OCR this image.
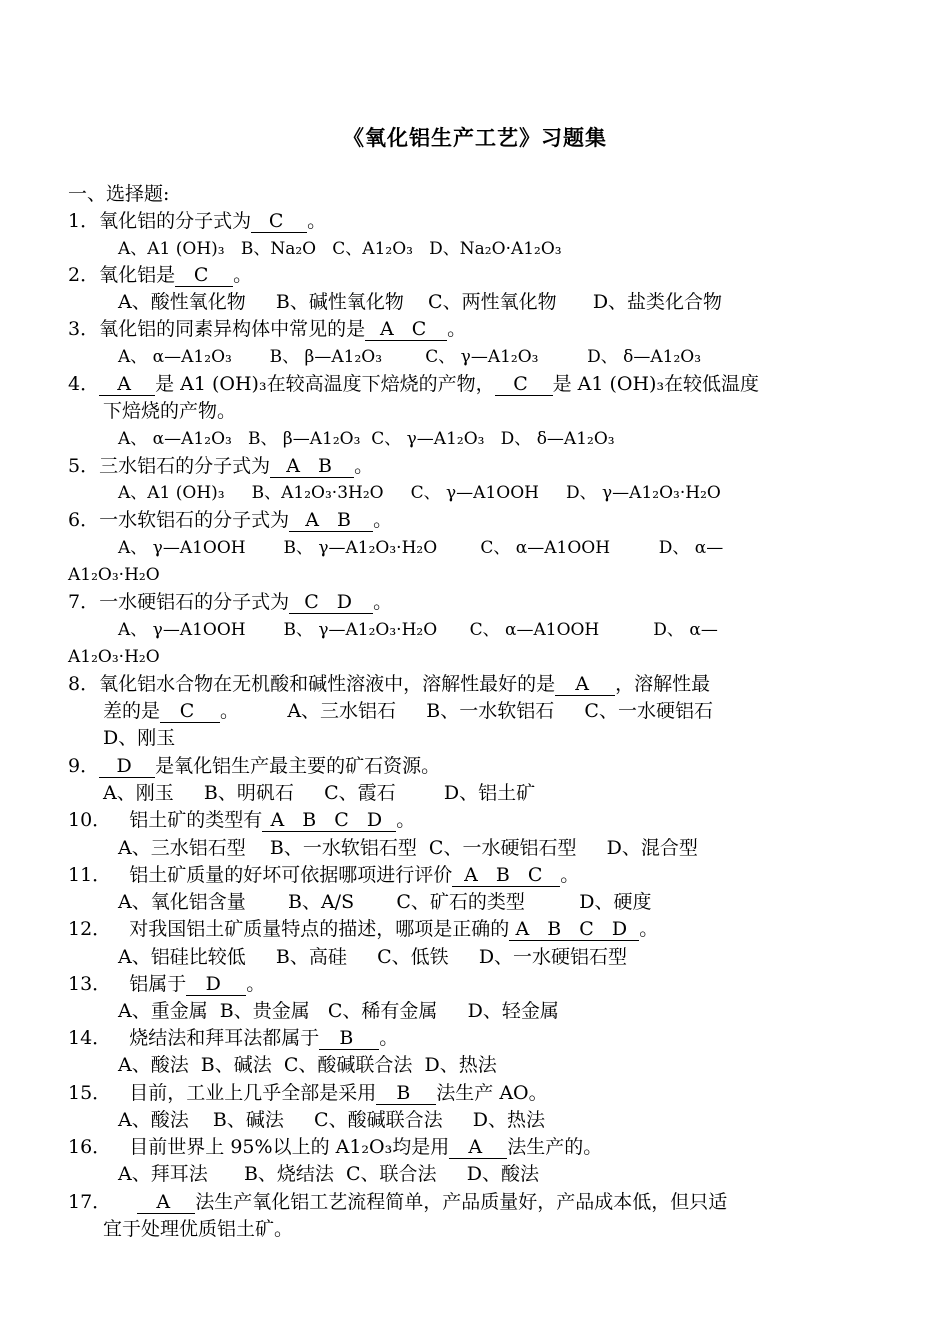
《氧化铝生产工艺》习题集
一、选择题:
1．氧化铝的分子式为 C 。
A、A1 (OH)₃   B、Na₂O   C、A1₂O₃   D、Na₂O·A1₂O₃
2．氧化铝是 C 。
A、酸性氧化物     B、碱性氧化物    C、两性氧化物      D、盐类化合物
3．氧化铝的同素异构体中常见的是 A C 。
A、 α—A1₂O₃       B、 β—A1₂O₃        C、 γ—A1₂O₃         D、 δ—A1₂O₃
4． A 是 A1 (OH)₃在较高温度下焙烧的产物， C 是 A1 (OH)₃在较低温度
下焙烧的产物。
A、 α—A1₂O₃   B、 β—A1₂O₃  C、 γ—A1₂O₃   D、 δ—A1₂O₃
5．三水铝石的分子式为 A B 。
A、A1 (OH)₃     B、A1₂O₃·3H₂O     C、 γ—A1OOH     D、 γ—A1₂O₃·H₂O
6．一水软铝石的分子式为 A B 。
A、 γ—A1OOH       B、 γ—A1₂O₃·H₂O        C、 α—A1OOH         D、 α—
A1₂O₃·H₂O
7．一水硬铝石的分子式为 C D 。
A、 γ—A1OOH       B、 γ—A1₂O₃·H₂O      C、 α—A1OOH          D、 α—
A1₂O₃·H₂O
8．氧化铝水合物在无机酸和碱性溶液中，溶解性最好的是 A ，溶解性最
差的是 C 。        A、三水铝石     B、一水软铝石     C、一水硬铝石
D、刚玉
9． D 是氧化铝生产最主要的矿石资源。
A、刚玉     B、明矾石     C、霞石        D、铝土矿
10．   铝土矿的类型有 A B C D 。
A、三水铝石型    B、一水软铝石型  C、一水硬铝石型     D、混合型
11．   铝土矿质量的好坏可依据哪项进行评价 A B C 。
A、氧化铝含量       B、A/S       C、矿石的类型         D、硬度
12．   对我国铝土矿质量特点的描述，哪项是正确的 A B C D 。
A、铝硅比较低     B、高硅     C、低铁     D、一水硬铝石型
13．   铝属于 D 。
A、重金属  B、贵金属   C、稀有金属     D、轻金属
14．   烧结法和拜耳法都属于 B 。
A、酸法  B、碱法  C、酸碱联合法  D、热法
15．   目前，工业上几乎全部是采用 B 法生产 AO。
A、酸法    B、碱法     C、酸碱联合法     D、热法
16．   目前世界上 95%以上的 A1₂O₃均是用 A 法生产的。
A、拜耳法      B、烧结法  C、联合法     D、酸法
17． A 法生产氧化铝工艺流程简单，产品质量好，产品成本低，但只适
宜于处理优质铝土矿。
